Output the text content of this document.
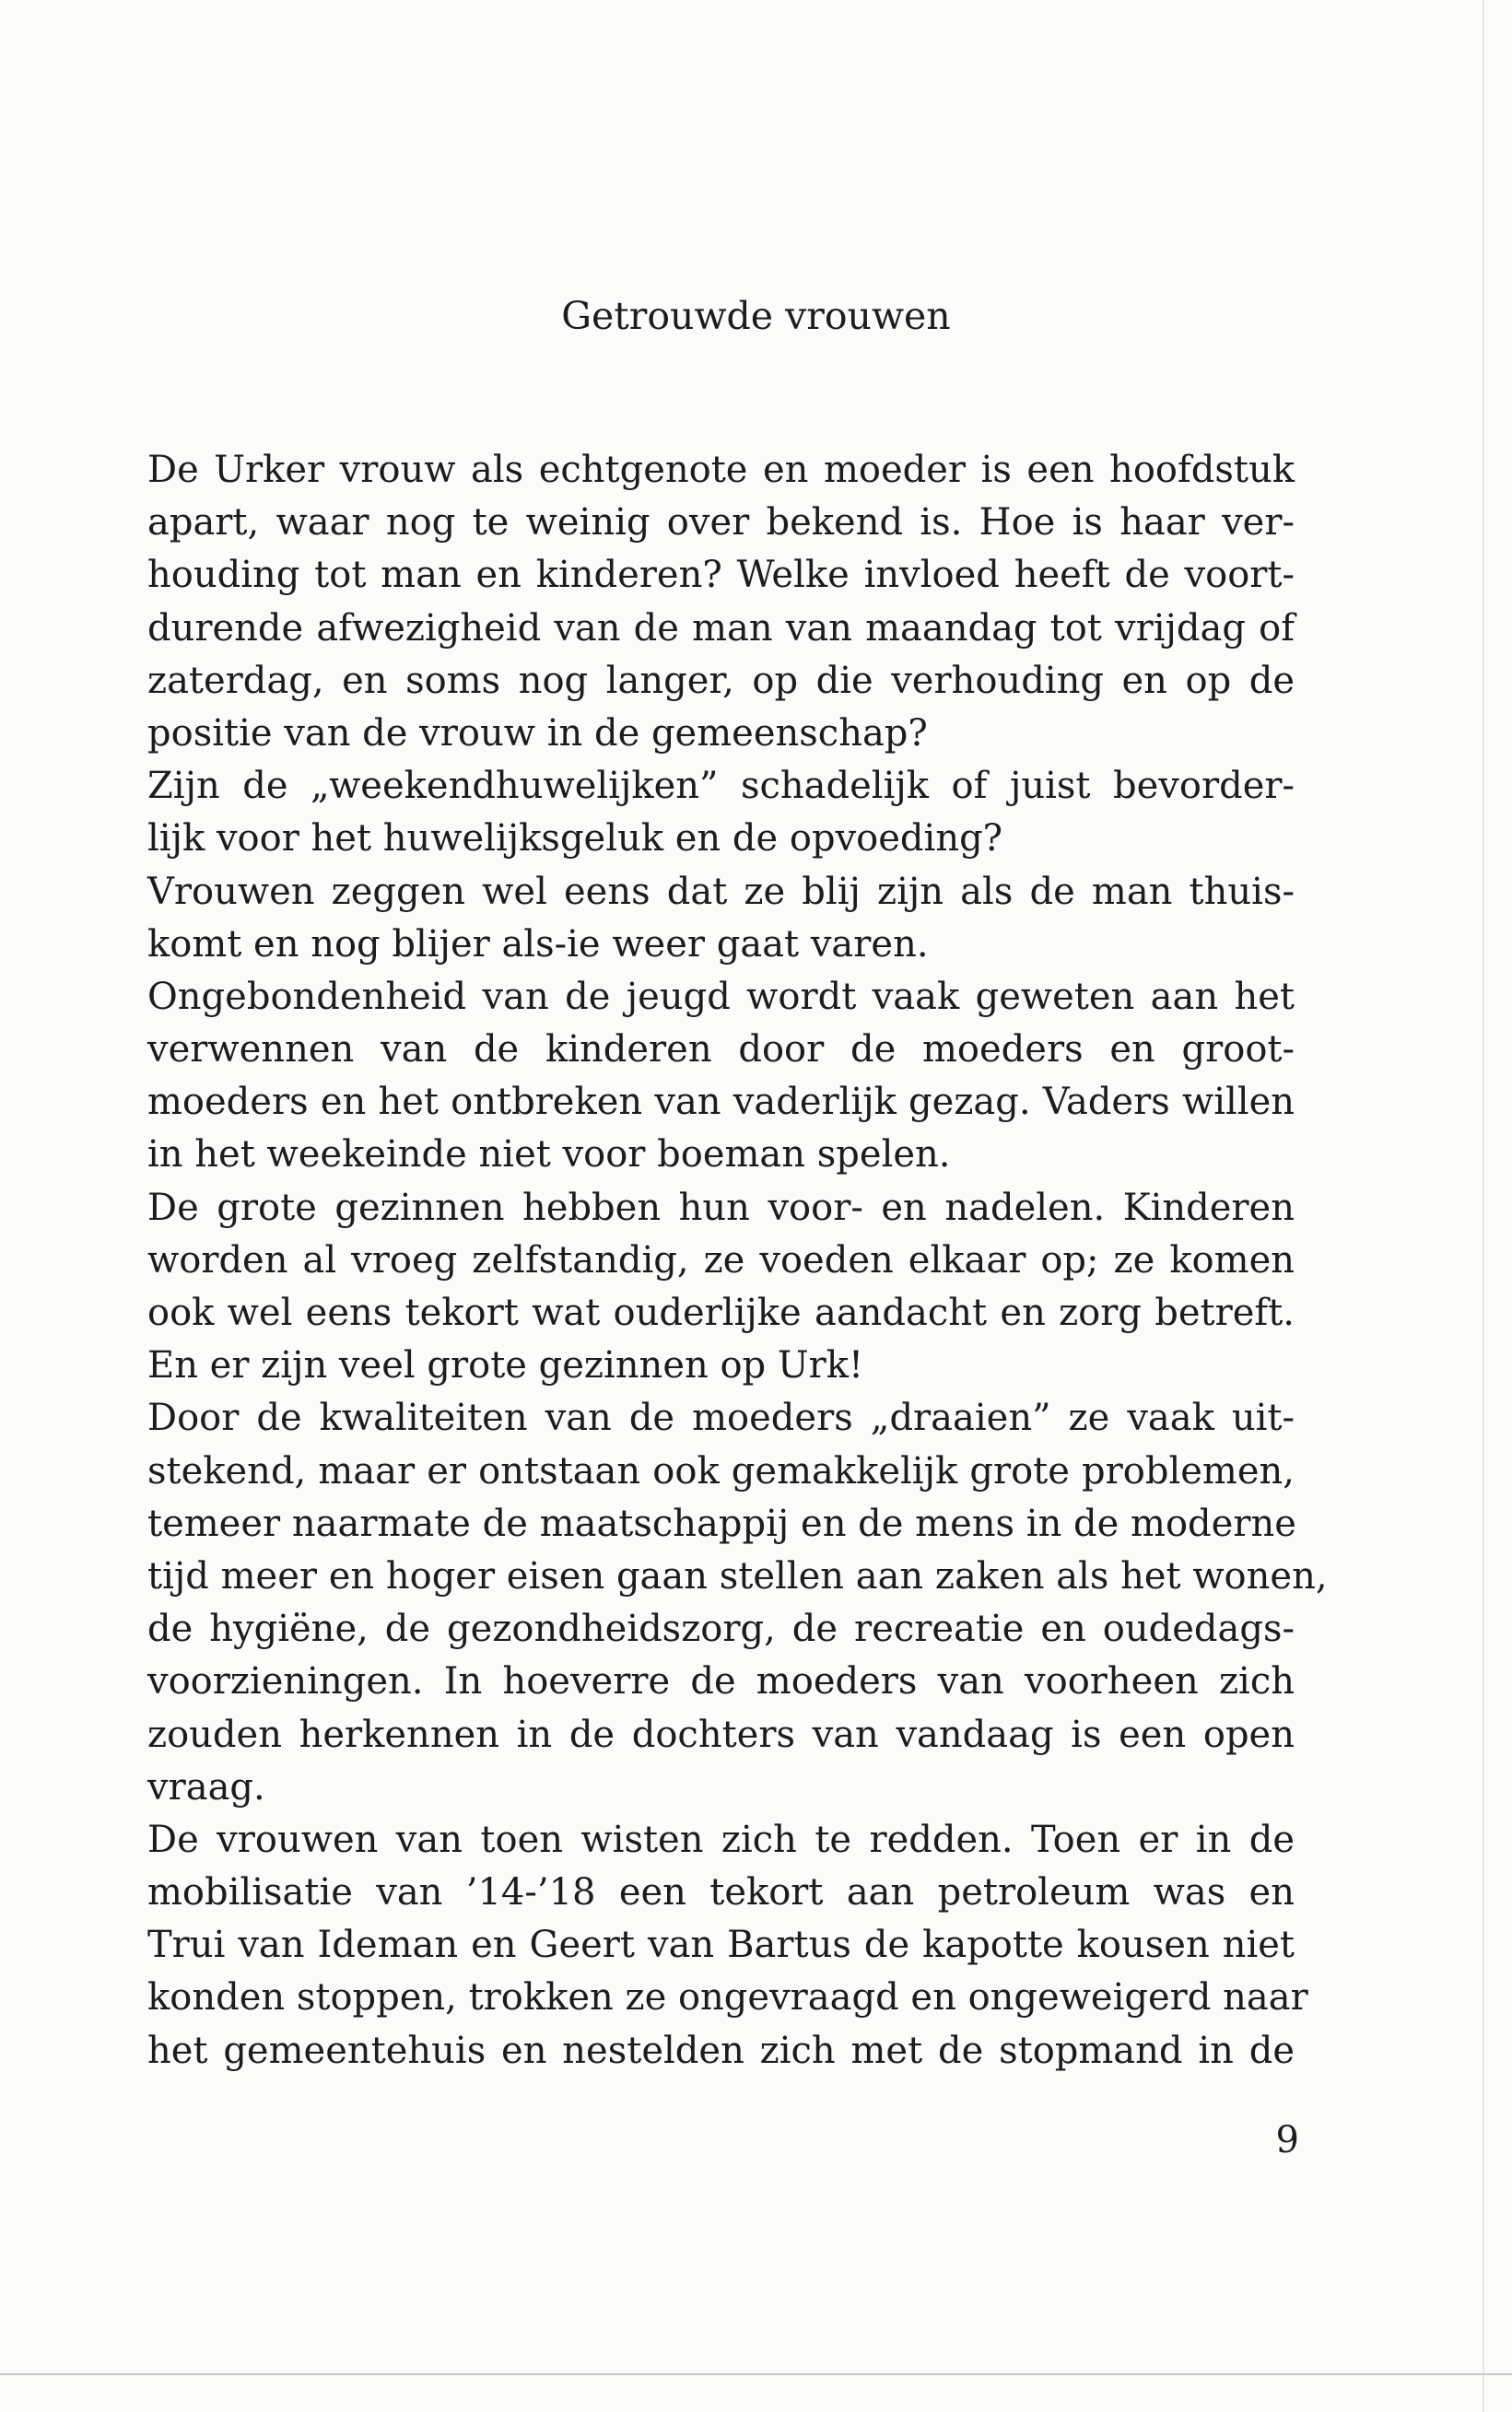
Getrouwde vrouwen
De Urker vrouw als echtgenote en moeder is een hoofdstuk
apart, waar nog te weinig over bekend is. Hoe is haar ver-
houding tot man en kinderen? Welke invloed heeft de voort-
durende afwezigheid van de man van maandag tot vrijdag of
zaterdag, en soms nog langer, op die verhouding en op de
positie van de vrouw in de gemeenschap?
Zijn de „weekendhuwelijken” schadelijk of juist bevorder-
lijk voor het huwelijksgeluk en de opvoeding?
Vrouwen zeggen wel eens dat ze blij zijn als de man thuis-
komt en nog blijer als-ie weer gaat varen.
Ongebondenheid van de jeugd wordt vaak geweten aan het
verwennen van de kinderen door de moeders en groot-
moeders en het ontbreken van vaderlijk gezag. Vaders willen
in het weekeinde niet voor boeman spelen.
De grote gezinnen hebben hun voor- en nadelen. Kinderen
worden al vroeg zelfstandig, ze voeden elkaar op; ze komen
ook wel eens tekort wat ouderlijke aandacht en zorg betreft.
En er zijn veel grote gezinnen op Urk!
Door de kwaliteiten van de moeders „draaien” ze vaak uit-
stekend, maar er ontstaan ook gemakkelijk grote problemen,
temeer naarmate de maatschappij en de mens in de moderne
tijd meer en hoger eisen gaan stellen aan zaken als het wonen,
de hygiëne, de gezondheidszorg, de recreatie en oudedags-
voorzieningen. In hoeverre de moeders van voorheen zich
zouden herkennen in de dochters van vandaag is een open
vraag.
De vrouwen van toen wisten zich te redden. Toen er in de
mobilisatie van ’14-’18 een tekort aan petroleum was en
Trui van Ideman en Geert van Bartus de kapotte kousen niet
konden stoppen, trokken ze ongevraagd en ongeweigerd naar
het gemeentehuis en nestelden zich met de stopmand in de
9
